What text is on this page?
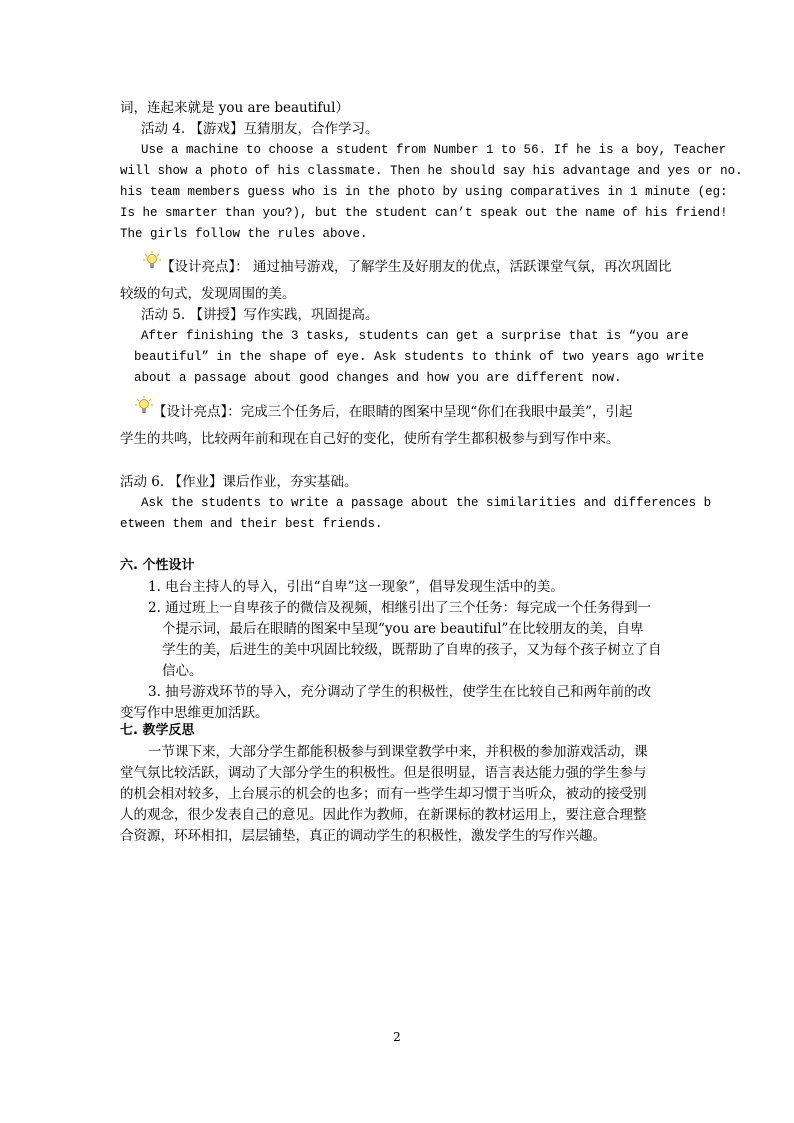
词，连起来就是 you are beautiful）
活动 4. 【游戏】互猜朋友，合作学习。
Use a machine to choose a student from Number 1 to 56. If he is a boy, Teacher
will show a photo of his classmate. Then he should say his advantage and yes or no.
his team members guess who is in the photo by using comparatives in 1 minute (eg:
Is he smarter than you?), but the student can’t speak out the name of his friend!
The girls follow the rules above.
【设计亮点】： 通过抽号游戏，了解学生及好朋友的优点，活跃课堂气氛，再次巩固比
较级的句式，发现周围的美。
活动 5. 【讲授】写作实践，巩固提高。
After finishing the 3 tasks, students can get a surprise that is “you are
beautiful” in the shape of eye. Ask students to think of two years ago write
about a passage about good changes and how you are different now.
【设计亮点】：完成三个任务后，在眼睛的图案中呈现“你们在我眼中最美”，引起
学生的共鸣，比较两年前和现在自己好的变化，使所有学生都积极参与到写作中来。
活动 6. 【作业】课后作业，夯实基础。
Ask the students to write a passage about the similarities and differences b
etween them and their best friends.
六. 个性设计
1. 电台主持人的导入，引出“自卑”这一现象”，倡导发现生活中的美。
2. 通过班上一自卑孩子的微信及视频，相继引出了三个任务：每完成一个任务得到一
个提示词，最后在眼睛的图案中呈现“you are beautiful”在比较朋友的美，自卑
学生的美，后进生的美中巩固比较级，既帮助了自卑的孩子，又为每个孩子树立了自
信心。
3. 抽号游戏环节的导入，充分调动了学生的积极性，使学生在比较自己和两年前的改
变写作中思维更加活跃。
七. 教学反思
一节课下来，大部分学生都能积极参与到课堂教学中来，并积极的参加游戏活动，课
堂气氛比较活跃，调动了大部分学生的积极性。但是很明显，语言表达能力强的学生参与
的机会相对较多，上台展示的机会的也多；而有一些学生却习惯于当听众，被动的接受别
人的观念，很少发表自己的意见。因此作为教师，在新课标的教材运用上，要注意合理整
合资源，环环相扣，层层铺垫，真正的调动学生的积极性，激发学生的写作兴趣。
2
